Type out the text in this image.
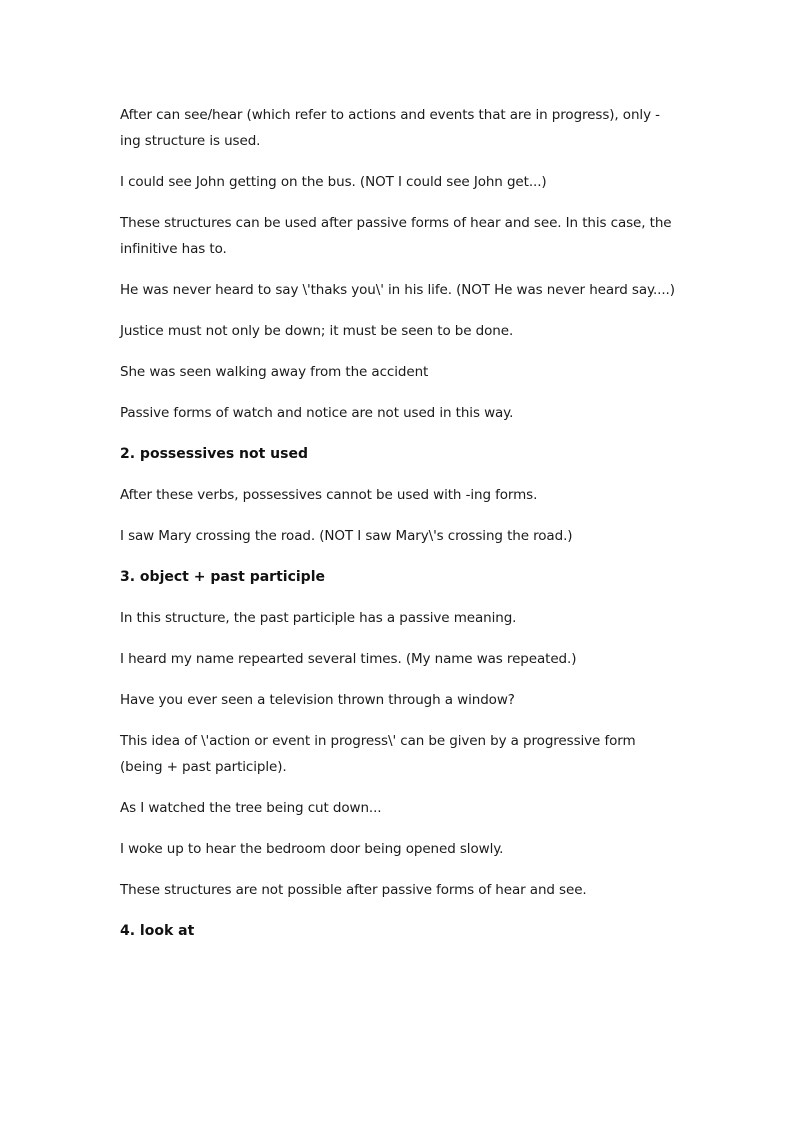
After can see/hear (which refer to actions and events that are in progress), only -ing structure is used.

I could see John getting on the bus. (NOT I could see John get...)

These structures can be used after passive forms of hear and see. In this case, the infinitive has to.

He was never heard to say \'thaks you\' in his life. (NOT He was never heard say....)

Justice must not only be down; it must be seen to be done.

She was seen walking away from the accident

Passive forms of watch and notice are not used in this way.

2. possessives not used

After these verbs, possessives cannot be used with -ing forms.

I saw Mary crossing the road. (NOT I saw Mary\'s crossing the road.)

3. object + past participle

In this structure, the past participle has a passive meaning.

I heard my name repearted several times. (My name was repeated.)

Have you ever seen a television thrown through a window?

This idea of \'action or event in progress\' can be given by a progressive form (being + past participle).

As I watched the tree being cut down...

I woke up to hear the bedroom door being opened slowly.

These structures are not possible after passive forms of hear and see.

4. look at
